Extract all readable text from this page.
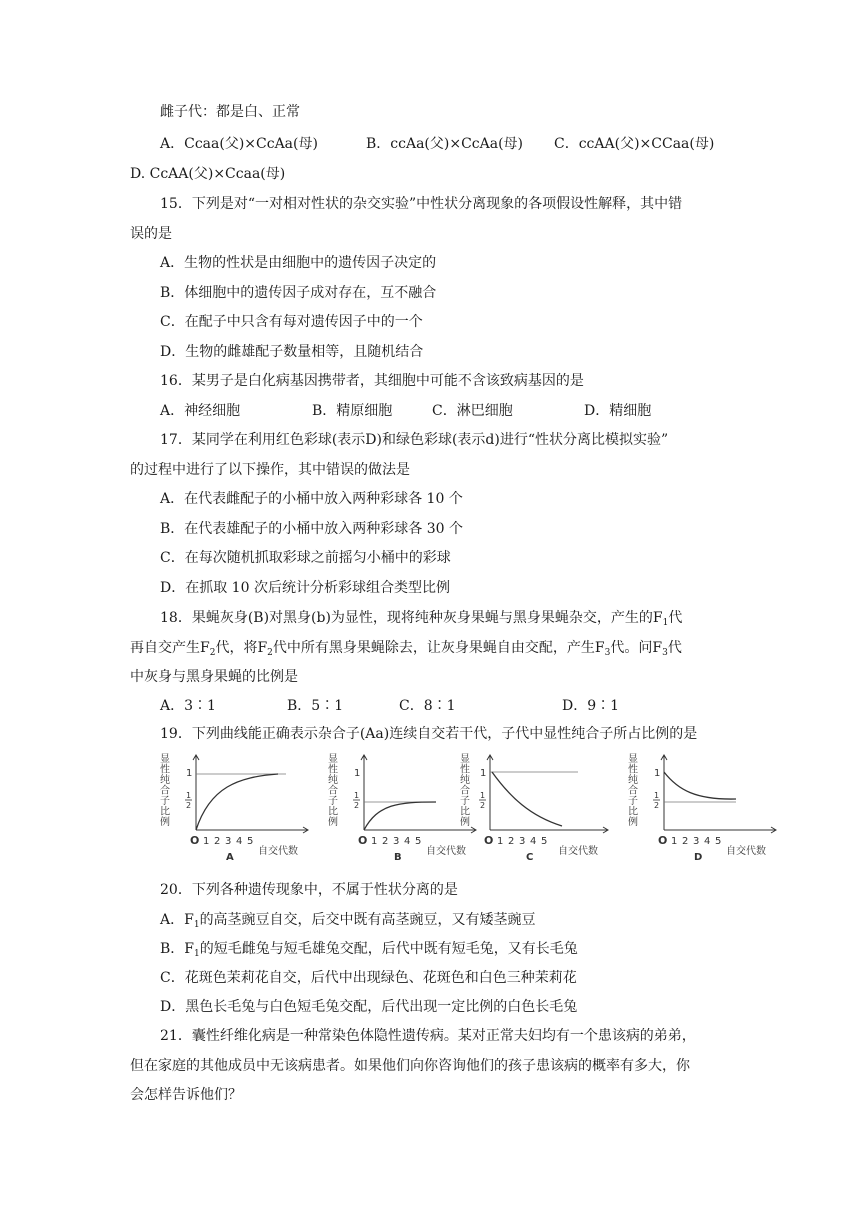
雌子代：都是白、正常
A．Ccaa(父)×CcAa(母)	B．ccAa(父)×CcAa(母) C．ccAA(父)×CCaa(母)
D. CcAA(父)×Ccaa(母)
15．下列是对“一对相对性状的杂交实验”中性状分离现象的各项假设性解释，其中错
误的是
A．生物的性状是由细胞中的遗传因子决定的
B．体细胞中的遗传因子成对存在，互不融合
C．在配子中只含有每对遗传因子中的一个
D．生物的雌雄配子数量相等，且随机结合
16．某男子是白化病基因携带者，其细胞中可能不含该致病基因的是
A．神经细胞	B．精原细胞	C．淋巴细胞	D．精细胞
17．某同学在利用红色彩球(表示D)和绿色彩球(表示d)进行“性状分离比模拟实验”
的过程中进行了以下操作，其中错误的做法是
A．在代表雌配子的小桶中放入两种彩球各 10 个
B．在代表雄配子的小桶中放入两种彩球各 30 个
C．在每次随机抓取彩球之前摇匀小桶中的彩球
D．在抓取 10 次后统计分析彩球组合类型比例
18．果蝇灰身(B)对黑身(b)为显性，现将纯种灰身果蝇与黑身果蝇杂交，产生的$F_1$代
再自交产生$F_2$代，将$F_2$代中所有黑身果蝇除去，让灰身果蝇自由交配，产生$F_3$代。问$F_3$代
中灰身与黑身果蝇的比例是
A．3∶1	B．5∶1	C．8∶1	D．9∶1
19．下列曲线能正确表示杂合子(Aa)连续自交若干代，子代中显性纯合子所占比例的是
显
性
纯
合
子
比
例
1
1
2
O 1 2 3 4 5
自交代数
A
显
性
纯
合
子
比
例
1
1
2
O 1 2 3 4 5
自交代数
B
显
性
纯
合
子
比
例
1
1
2
O 1 2 3 4 5
自交代数
C
显
性
纯
合
子
比
例
1
1
2
O 1 2 3 4 5
自交代数
D
20．下列各种遗传现象中，不属于性状分离的是
A．$F_1$的高茎豌豆自交，后交中既有高茎豌豆，又有矮茎豌豆
B．$F_1$的短毛雌兔与短毛雄兔交配，后代中既有短毛兔，又有长毛兔
C．花斑色茉莉花自交，后代中出现绿色、花斑色和白色三种茉莉花
D．黑色长毛兔与白色短毛兔交配，后代出现一定比例的白色长毛兔
21．囊性纤维化病是一种常染色体隐性遗传病。某对正常夫妇均有一个患该病的弟弟，
但在家庭的其他成员中无该病患者。如果他们向你咨询他们的孩子患该病的概率有多大，你
会怎样告诉他们？
